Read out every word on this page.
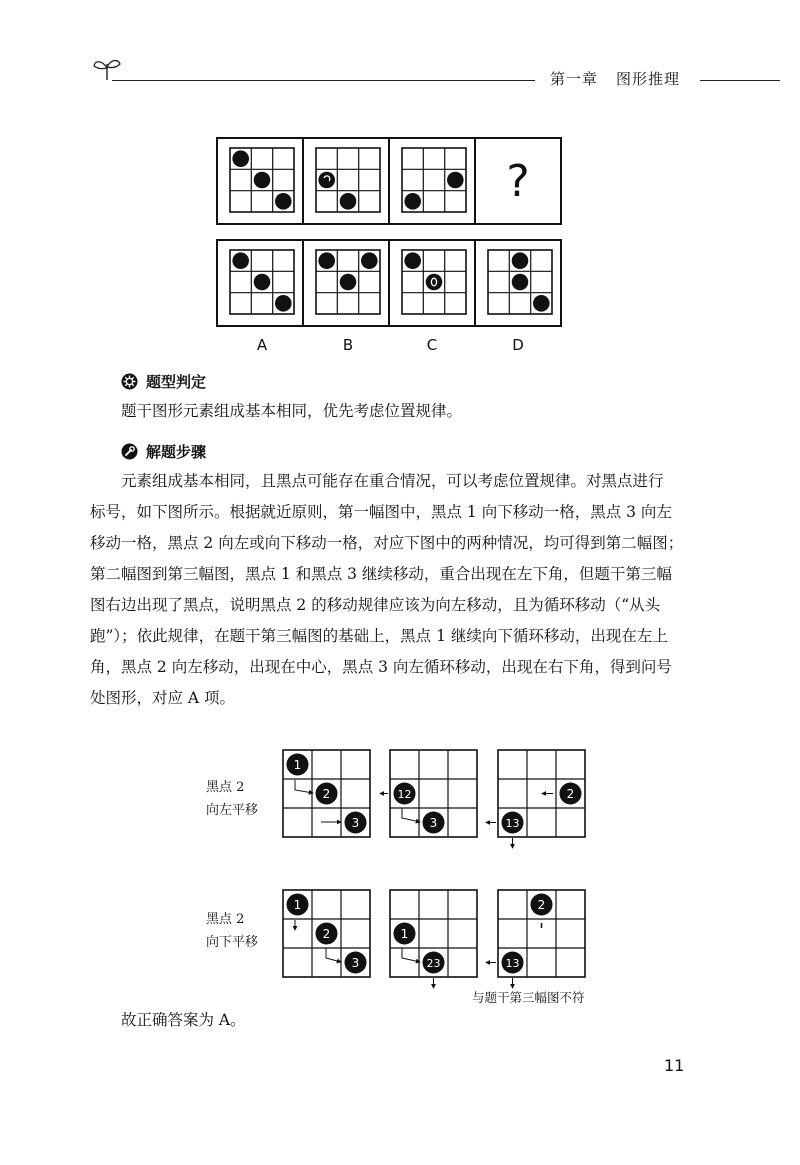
第一章 图形推理
?
A	B	C	D
题型判定
题干图形元素组成基本相同，优先考虑位置规律。
解题步骤
元素组成基本相同，且黑点可能存在重合情况，可以考虑位置规律。对黑点进行
标号，如下图所示。根据就近原则，第一幅图中，黑点 1 向下移动一格，黑点 3 向左
移动一格，黑点 2 向左或向下移动一格，对应下图中的两种情况，均可得到第二幅图；
第二幅图到第三幅图，黑点 1 和黑点 3 继续移动，重合出现在左下角，但题干第三幅
图右边出现了黑点，说明黑点 2 的移动规律应该为向左移动，且为循环移动（“从头
跑”）；依此规律，在题干第三幅图的基础上，黑点 1 继续向下循环移动，出现在左上
角，黑点 2 向左移动，出现在中心，黑点 3 向左循环移动，出现在右下角，得到问号
处图形，对应 A 项。
黑点 2
向左平移
黑点 2
向下平移
1
2
3
12
3
2
13
1
2
3
1
23
2
13
与题干第三幅图不符
故正确答案为 A。
11
